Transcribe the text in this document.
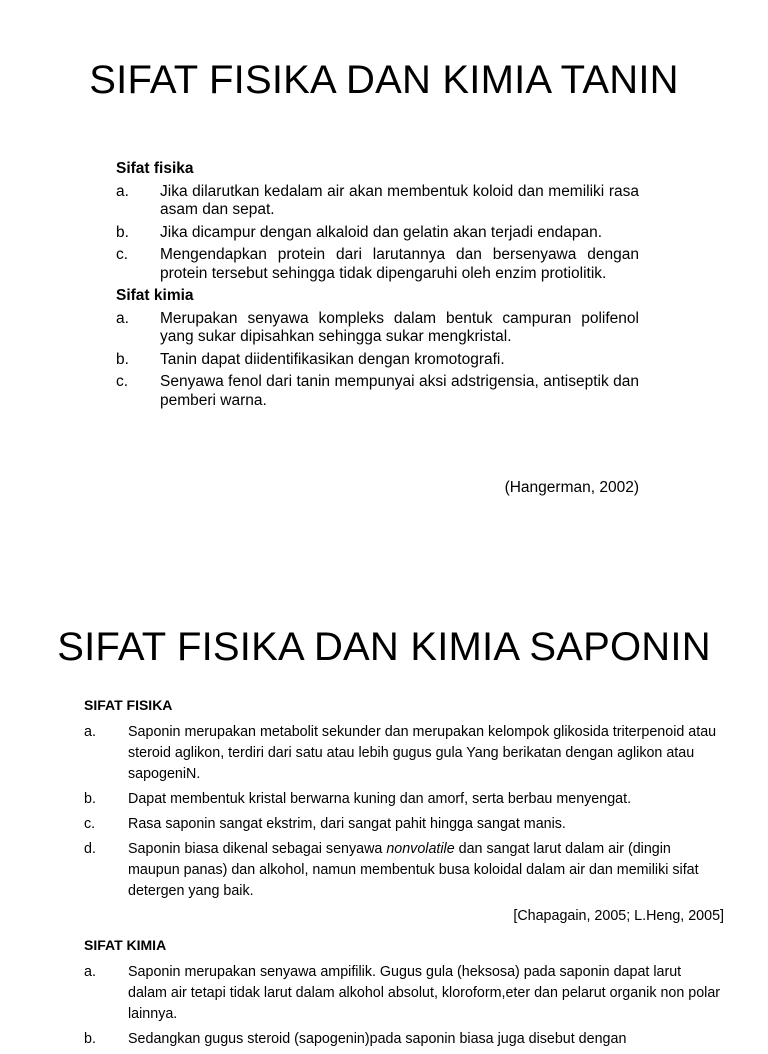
SIFAT FISIKA DAN KIMIA TANIN

Sifat fisika

a.	Jika dilarutkan kedalam air akan membentuk koloid dan memiliki rasa asam dan sepat.
b.	Jika dicampur dengan alkaloid dan gelatin akan terjadi endapan.
c.	Mengendapkan protein dari larutannya dan bersenyawa dengan protein tersebut sehingga tidak dipengaruhi oleh enzim protiolitik.

Sifat kimia

a.	Merupakan senyawa kompleks dalam bentuk campuran polifenol yang sukar dipisahkan sehingga sukar mengkristal.
b.	Tanin dapat diidentifikasikan dengan kromotografi.
c.	Senyawa fenol dari tanin mempunyai aksi adstrigensia, antiseptik dan pemberi warna.
(Hangerman, 2002)
SIFAT FISIKA DAN KIMIA SAPONIN

SIFAT FISIKA

a.	Saponin merupakan metabolit sekunder dan merupakan kelompok glikosida triterpenoid atau steroid aglikon, terdiri dari satu atau lebih gugus gula Yang berikatan dengan aglikon atau sapogeniN.
b.	Dapat membentuk kristal berwarna kuning dan amorf, serta berbau menyengat.
c.	Rasa saponin sangat ekstrim, dari sangat pahit hingga sangat manis.
d.	Saponin biasa dikenal sebagai senyawa nonvolatile dan sangat larut dalam air (dingin maupun panas) dan alkohol, namun membentuk busa koloidal dalam air dan memiliki sifat detergen yang baik.

[Chapagain, 2005; L.Heng, 2005]

SIFAT KIMIA

a.	Saponin merupakan senyawa ampifilik. Gugus gula (heksosa) pada saponin dapat larut dalam air tetapi tidak larut dalam alkohol absolut, kloroform,eter dan pelarut organik non polar lainnya.
b.	Sedangkan gugus steroid (sapogenin)pada saponin biasa juga disebut dengan
